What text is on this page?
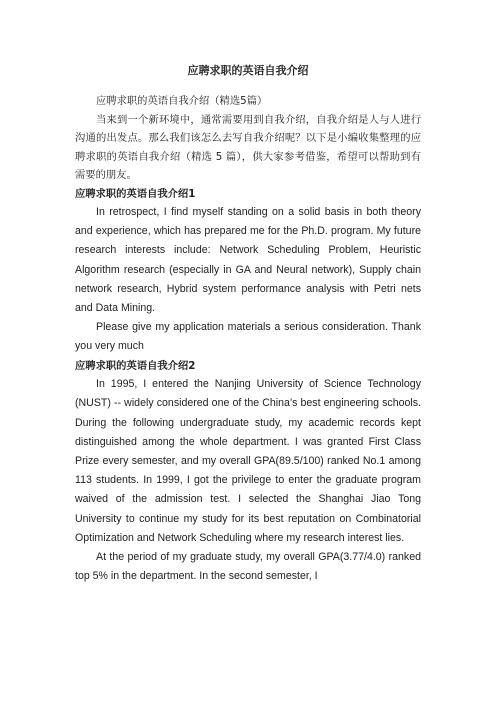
应聘求职的英语自我介绍

应聘求职的英语自我介绍（精选5篇）

当来到一个新环境中，通常需要用到自我介绍，自我介绍是人与人进行沟通的出发点。那么我们该怎么去写自我介绍呢？以下是小编收集整理的应聘求职的英语自我介绍（精选 5 篇），供大家参考借鉴，希望可以帮助到有需要的朋友。

应聘求职的英语自我介绍1

In retrospect, I find myself standing on a solid basis in both theory and experience, which has prepared me for the Ph.D. program. My future research interests include: Network Scheduling Problem, Heuristic Algorithm research (especially in GA and Neural network), Supply chain network research, Hybrid system performance analysis with Petri nets and Data Mining.

Please give my application materials a serious consideration. Thank you very much

应聘求职的英语自我介绍2

In 1995, I entered the Nanjing University of Science Technology (NUST) -- widely considered one of the China’s best engineering schools. During the following undergraduate study, my academic records kept distinguished among the whole department. I was granted First Class Prize every semester, and my overall GPA(89.5/100) ranked No.1 among 113 students. In 1999, I got the privilege to enter the graduate program waived of the admission test. I selected the Shanghai Jiao Tong University to continue my study for its best reputation on Combinatorial Optimization and Network Scheduling where my research interest lies.

At the period of my graduate study, my overall GPA(3.77/4.0) ranked top 5% in the department. In the second semester, I
